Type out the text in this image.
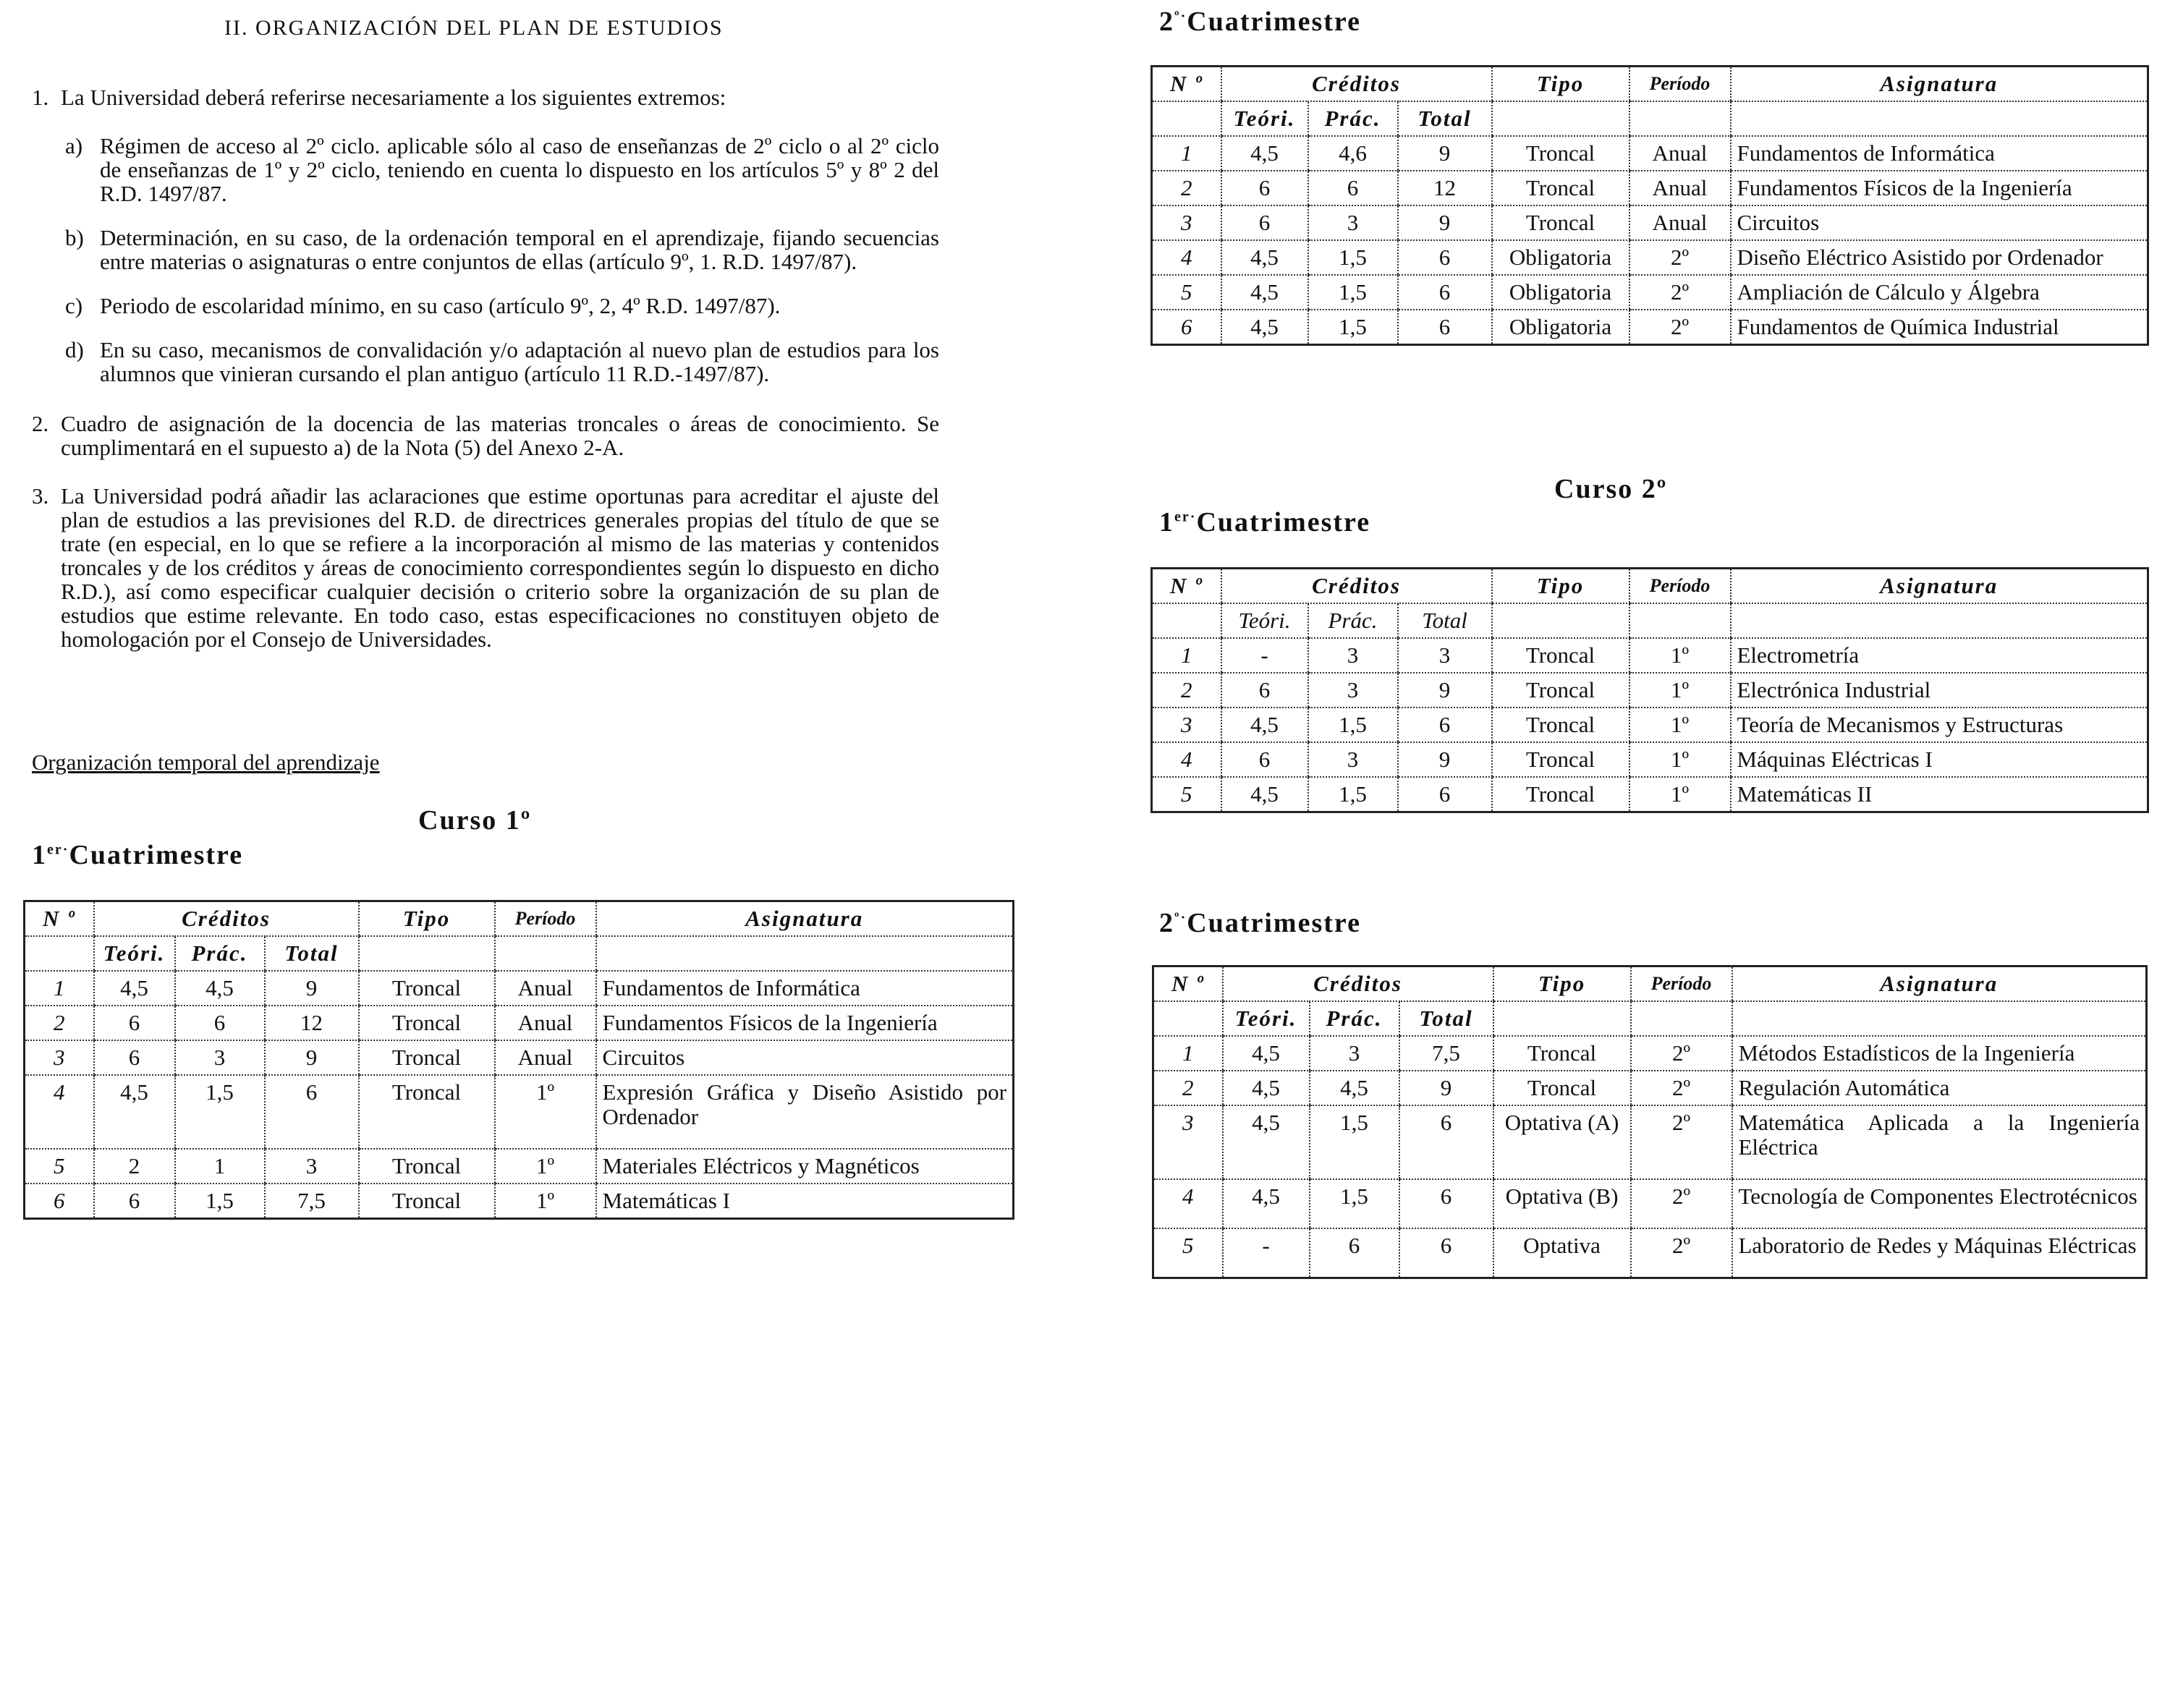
II. ORGANIZACIÓN DEL PLAN DE ESTUDIOS

1. La Universidad deberá referirse necesariamente a los siguientes extremos:

a) Régimen de acceso al 2º ciclo. aplicable sólo al caso de enseñanzas de 2º ciclo o al 2º ciclo de enseñanzas de 1º y 2º ciclo, teniendo en cuenta lo dispuesto en los artículos 5º y 8º 2 del R.D. 1497/87.

b) Determinación, en su caso, de la ordenación temporal en el aprendizaje, fijando secuencias entre materias o asignaturas o entre conjuntos de ellas (artículo 9º, 1. R.D. 1497/87).

c) Periodo de escolaridad mínimo, en su caso (artículo 9º, 2, 4º R.D. 1497/87).

d) En su caso, mecanismos de convalidación y/o adaptación al nuevo plan de estudios para los alumnos que vinieran cursando el plan antiguo (artículo 11 R.D.-1497/87).

2. Cuadro de asignación de la docencia de las materias troncales o áreas de conocimiento. Se cumplimentará en el supuesto a) de la Nota (5) del Anexo 2-A.

3. La Universidad podrá añadir las aclaraciones que estime oportunas para acreditar el ajuste del plan de estudios a las previsiones del R.D. de directrices generales propias del título de que se trate (en especial, en lo que se refiere a la incorporación al mismo de las materias y contenidos troncales y de los créditos y áreas de conocimiento correspondientes según lo dispuesto en dicho R.D.), así como especificar cualquier decisión o criterio sobre la organización de su plan de estudios que estime relevante. En todo caso, estas especificaciones no constituyen objeto de homologación por el Consejo de Universidades.

Organización temporal del aprendizaje
Curso 1º
$1^{er\cdot}Cuatrimestre$
N º	Créditos			Tipo	Período	Asignatura
	Teóri.	Prác.	Total			
1	4,5	4,5	9	Troncal	Anual	Fundamentos de Informática
2	6	6	12	Troncal	Anual	Fundamentos Físicos de la Ingeniería
3	6	3	9	Troncal	Anual	Circuitos
4	4,5	1,5	6	Troncal	1º	Expresión Gráfica y Diseño Asistido por Ordenador
5	2	1	3	Troncal	1º	Materiales Eléctricos y Magnéticos
6	6	1,5	7,5	Troncal	1º	Matemáticas I
$2^{º\cdot}Cuatrimestre$
N º	Créditos			Tipo	Período	Asignatura
	Teóri.	Prác.	Total			
1	4,5	4,6	9	Troncal	Anual	Fundamentos de Informática
2	6	6	12	Troncal	Anual	Fundamentos Físicos de la Ingeniería
3	6	3	9	Troncal	Anual	Circuitos
4	4,5	1,5	6	Obligatoria	2º	Diseño Eléctrico Asistido por Ordenador
5	4,5	1,5	6	Obligatoria	2º	Ampliación de Cálculo y Álgebra
6	4,5	1,5	6	Obligatoria	2º	Fundamentos de Química Industrial
Curso 2º
$1^{er\cdot}Cuatrimestre$
N º	Créditos			Tipo	Período	Asignatura
	Teóri.	Prác.	Total			
1	-	3	3	Troncal	1º	Electrometría
2	6	3	9	Troncal	1º	Electrónica Industrial
3	4,5	1,5	6	Troncal	1º	Teoría de Mecanismos y Estructuras
4	6	3	9	Troncal	1º	Máquinas Eléctricas I
5	4,5	1,5	6	Troncal	1º	Matemáticas II
$2^{º\cdot}Cuatrimestre$
N º	Créditos			Tipo	Período	Asignatura
	Teóri.	Prác.	Total			
1	4,5	3	7,5	Troncal	2º	Métodos Estadísticos de la Ingeniería
2	4,5	4,5	9	Troncal	2º	Regulación Automática
3	4,5	1,5	6	Optativa (A)	2º	Matemática Aplicada a la Ingeniería Eléctrica
4	4,5	1,5	6	Optativa (B)	2º	Tecnología de Componentes Electrotécnicos
5	-	6	6	Optativa	2º	Laboratorio de Redes y Máquinas Eléctricas
